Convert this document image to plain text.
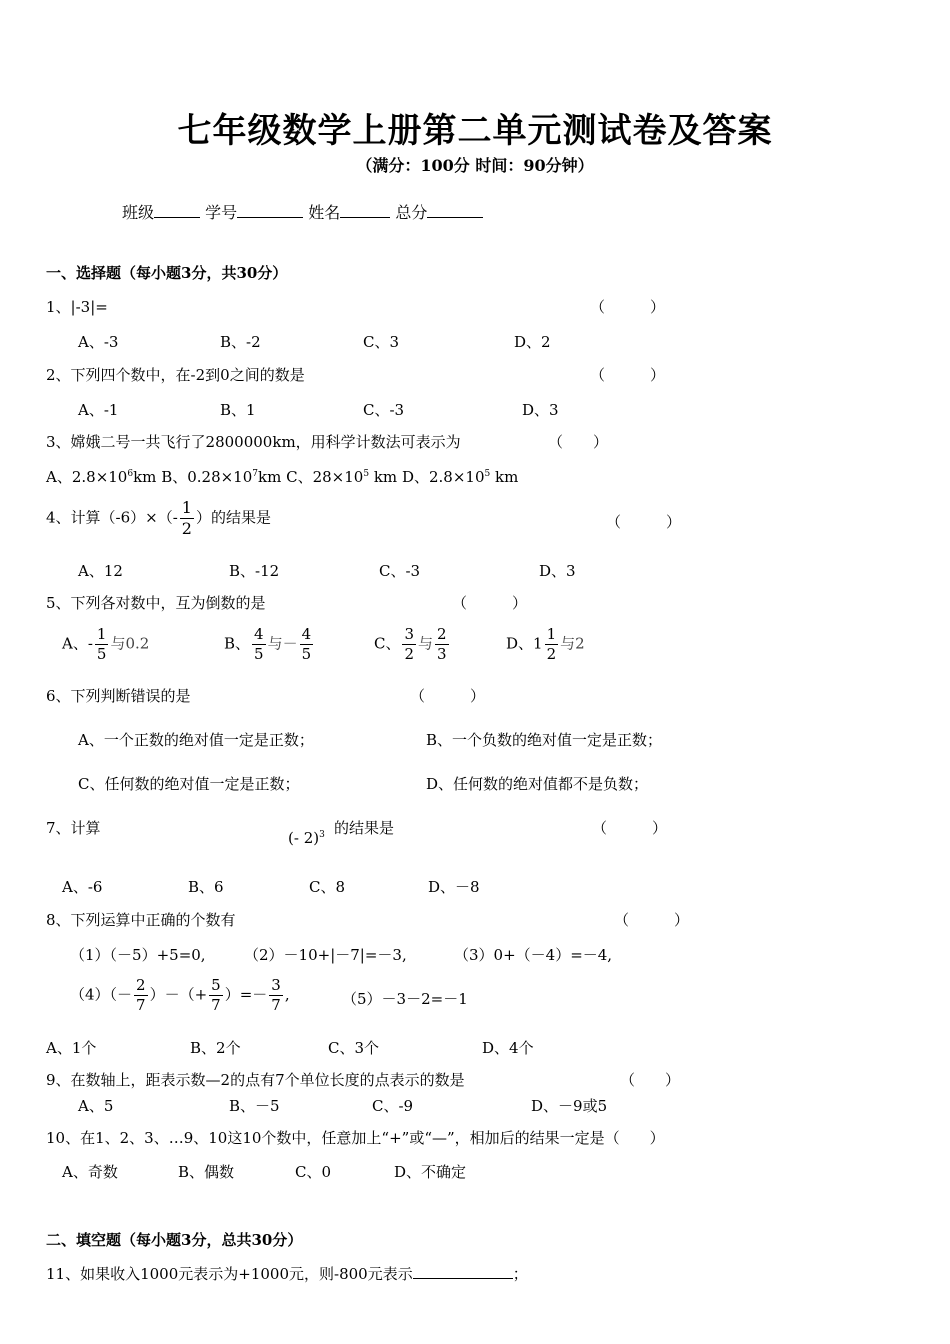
七年级数学上册第二单元测试卷及答案
（满分：100分 时间：90分钟）
班级	学号	姓名	总分
一、选择题（每小题3分，共30分）
1、|-3|=	（　　　）
A、-3	B、-2	C、3	D、2
2、下列四个数中，在-2到0之间的数是	（　　　）
A、-1	B、1	C、-3	D、3
3、嫦娥二号一共飞行了2800000km，用科学计数法可表示为	（　　）
A、$2.8\times 10^6km$ B、$0.28\times 10^7km$ C、$28\times 10^5$ km D、$2.8\times 10^5$ km
4、计算$(-6)\times(- \frac{1}{2}$ ）的结果是	（　　　）
A、12	B、-12	C、-3	D、3
5、下列各对数中，互为倒数的是	（　　　）
A、- $\frac{1}{5}$ 与0.2	B、 $\frac{4}{5}$ 与－ $\frac{4}{5}$	C、 $\frac{3}{2}$ 与 $\frac{2}{3}$	D、$1 \frac{1}{2}$ 与2
6、下列判断错误的是	（　　　）
A、一个正数的绝对值一定是正数；	B、一个负数的绝对值一定是正数；
C、任何数的绝对值一定是正数；	D、任何数的绝对值都不是负数；
7、计算
(- 2)$^3$ 的结果是	（　　　）
A、-6	B、6	C、8	D、－8
8、下列运算中正确的个数有	（　　　）
（1）（－5）+5=0,	（2）－10+|－7|=－3,	（3）0+（－4）=－4,
$(4)(- \frac{2}{7}$ ）－（+ $\frac{5}{7}$ ）=－ $\frac{3}{7}$ ,	（5）－3－2=－1
A、1个	B、2个	C、3个	D、4个
9、在数轴上，距表示数—2的点有7个单位长度的点表示的数是	（　　）
A、5	B、－5	C、-9	D、－9或5
10、在1、2、3、…9、10这10个数中，任意加上“+”或“—”，相加后的结果一定是（　　）
A、奇数	B、偶数	C、0	D、不确定
二、填空题（每小题3分，总共30分）
11、如果收入1000元表示为+1000元，则-800元表示	；
